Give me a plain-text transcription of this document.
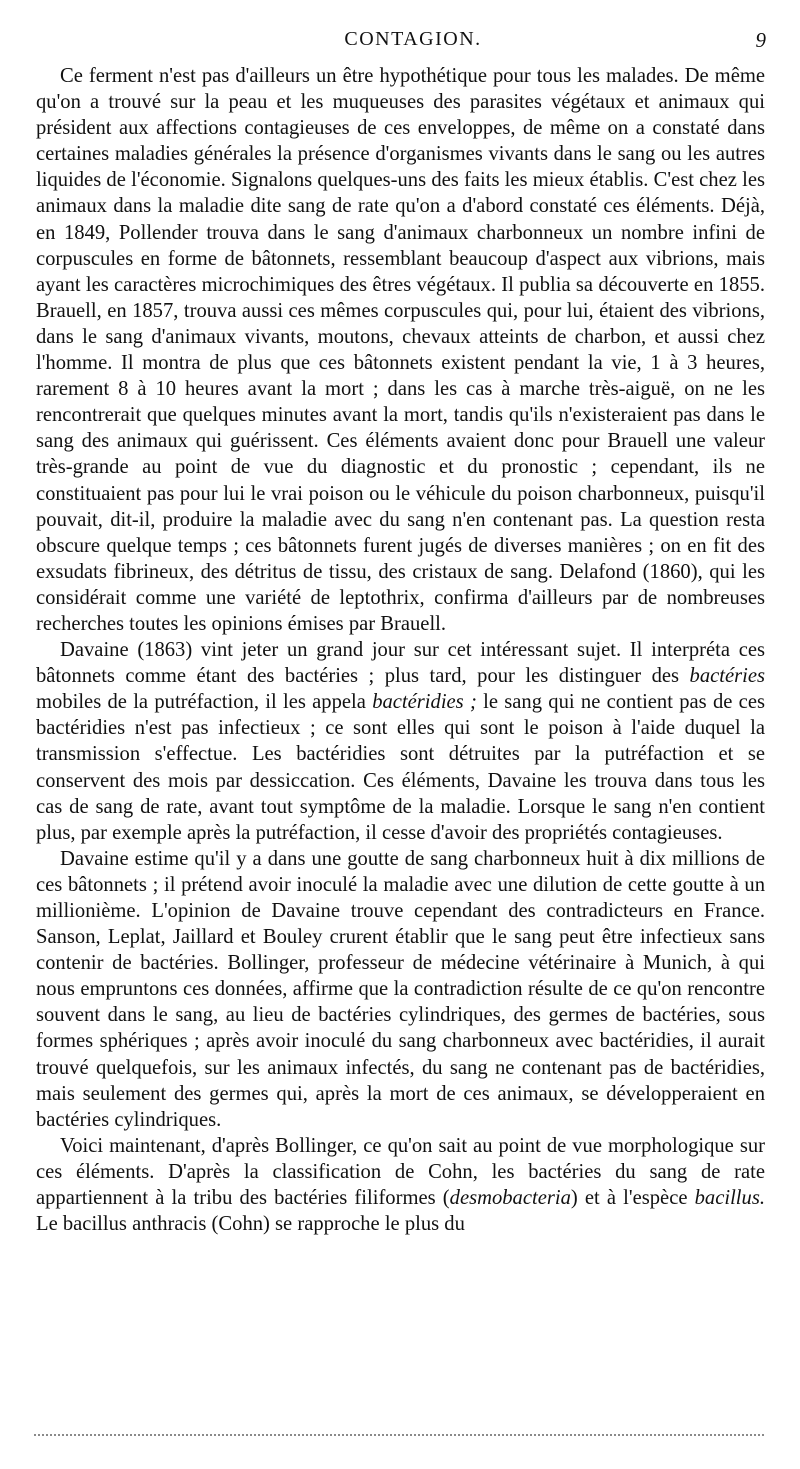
CONTAGION.	9

Ce ferment n'est pas d'ailleurs un être hypothétique pour tous les malades. De même qu'on a trouvé sur la peau et les muqueuses des parasites végétaux et animaux qui président aux affections contagieuses de ces enveloppes, de même on a constaté dans certaines maladies générales la présence d'organismes vivants dans le sang ou les autres liquides de l'économie. Signalons quelques-uns des faits les mieux établis. C'est chez les animaux dans la maladie dite sang de rate qu'on a d'abord constaté ces éléments. Déjà, en 1849, Pollender trouva dans le sang d'animaux charbonneux un nombre infini de corpuscules en forme de bâtonnets, ressemblant beaucoup d'aspect aux vibrions, mais ayant les caractères microchimiques des êtres végétaux. Il publia sa découverte en 1855. Brauell, en 1857, trouva aussi ces mêmes corpuscules qui, pour lui, étaient des vibrions, dans le sang d'animaux vivants, moutons, chevaux atteints de charbon, et aussi chez l'homme. Il montra de plus que ces bâtonnets existent pendant la vie, 1 à 3 heures, rarement 8 à 10 heures avant la mort ; dans les cas à marche très-aiguë, on ne les rencontrerait que quelques minutes avant la mort, tandis qu'ils n'existeraient pas dans le sang des animaux qui guérissent. Ces éléments avaient donc pour Brauell une valeur très-grande au point de vue du diagnostic et du pronostic ; cependant, ils ne constituaient pas pour lui le vrai poison ou le véhicule du poison charbonneux, puisqu'il pouvait, dit-il, produire la maladie avec du sang n'en contenant pas. La question resta obscure quelque temps ; ces bâtonnets furent jugés de diverses manières ; on en fit des exsudats fibrineux, des détritus de tissu, des cristaux de sang. Delafond (1860), qui les considérait comme une variété de leptothrix, confirma d'ailleurs par de nombreuses recherches toutes les opinions émises par Brauell.

Davaine (1863) vint jeter un grand jour sur cet intéressant sujet. Il interpréta ces bâtonnets comme étant des bactéries ; plus tard, pour les distinguer des bactéries mobiles de la putréfaction, il les appela bactéridies ; le sang qui ne contient pas de ces bactéridies n'est pas infectieux ; ce sont elles qui sont le poison à l'aide duquel la transmission s'effectue. Les bactéridies sont détruites par la putréfaction et se conservent des mois par dessiccation. Ces éléments, Davaine les trouva dans tous les cas de sang de rate, avant tout symptôme de la maladie. Lorsque le sang n'en contient plus, par exemple après la putréfaction, il cesse d'avoir des propriétés contagieuses.

Davaine estime qu'il y a dans une goutte de sang charbonneux huit à dix millions de ces bâtonnets ; il prétend avoir inoculé la maladie avec une dilution de cette goutte à un millionième. L'opinion de Davaine trouve cependant des contradicteurs en France. Sanson, Leplat, Jaillard et Bouley crurent établir que le sang peut être infectieux sans contenir de bactéries. Bollinger, professeur de médecine vétérinaire à Munich, à qui nous empruntons ces données, affirme que la contradiction résulte de ce qu'on rencontre souvent dans le sang, au lieu de bactéries cylindriques, des germes de bactéries, sous formes sphériques ; après avoir inoculé du sang charbonneux avec bactéridies, il aurait trouvé quelquefois, sur les animaux infectés, du sang ne contenant pas de bactéridies, mais seulement des germes qui, après la mort de ces animaux, se développeraient en bactéries cylindriques.

Voici maintenant, d'après Bollinger, ce qu'on sait au point de vue morphologique sur ces éléments. D'après la classification de Cohn, les bactéries du sang de rate appartiennent à la tribu des bactéries filiformes (desmobacteria) et à l'espèce bacillus. Le bacillus anthracis (Cohn) se rapproche le plus du
